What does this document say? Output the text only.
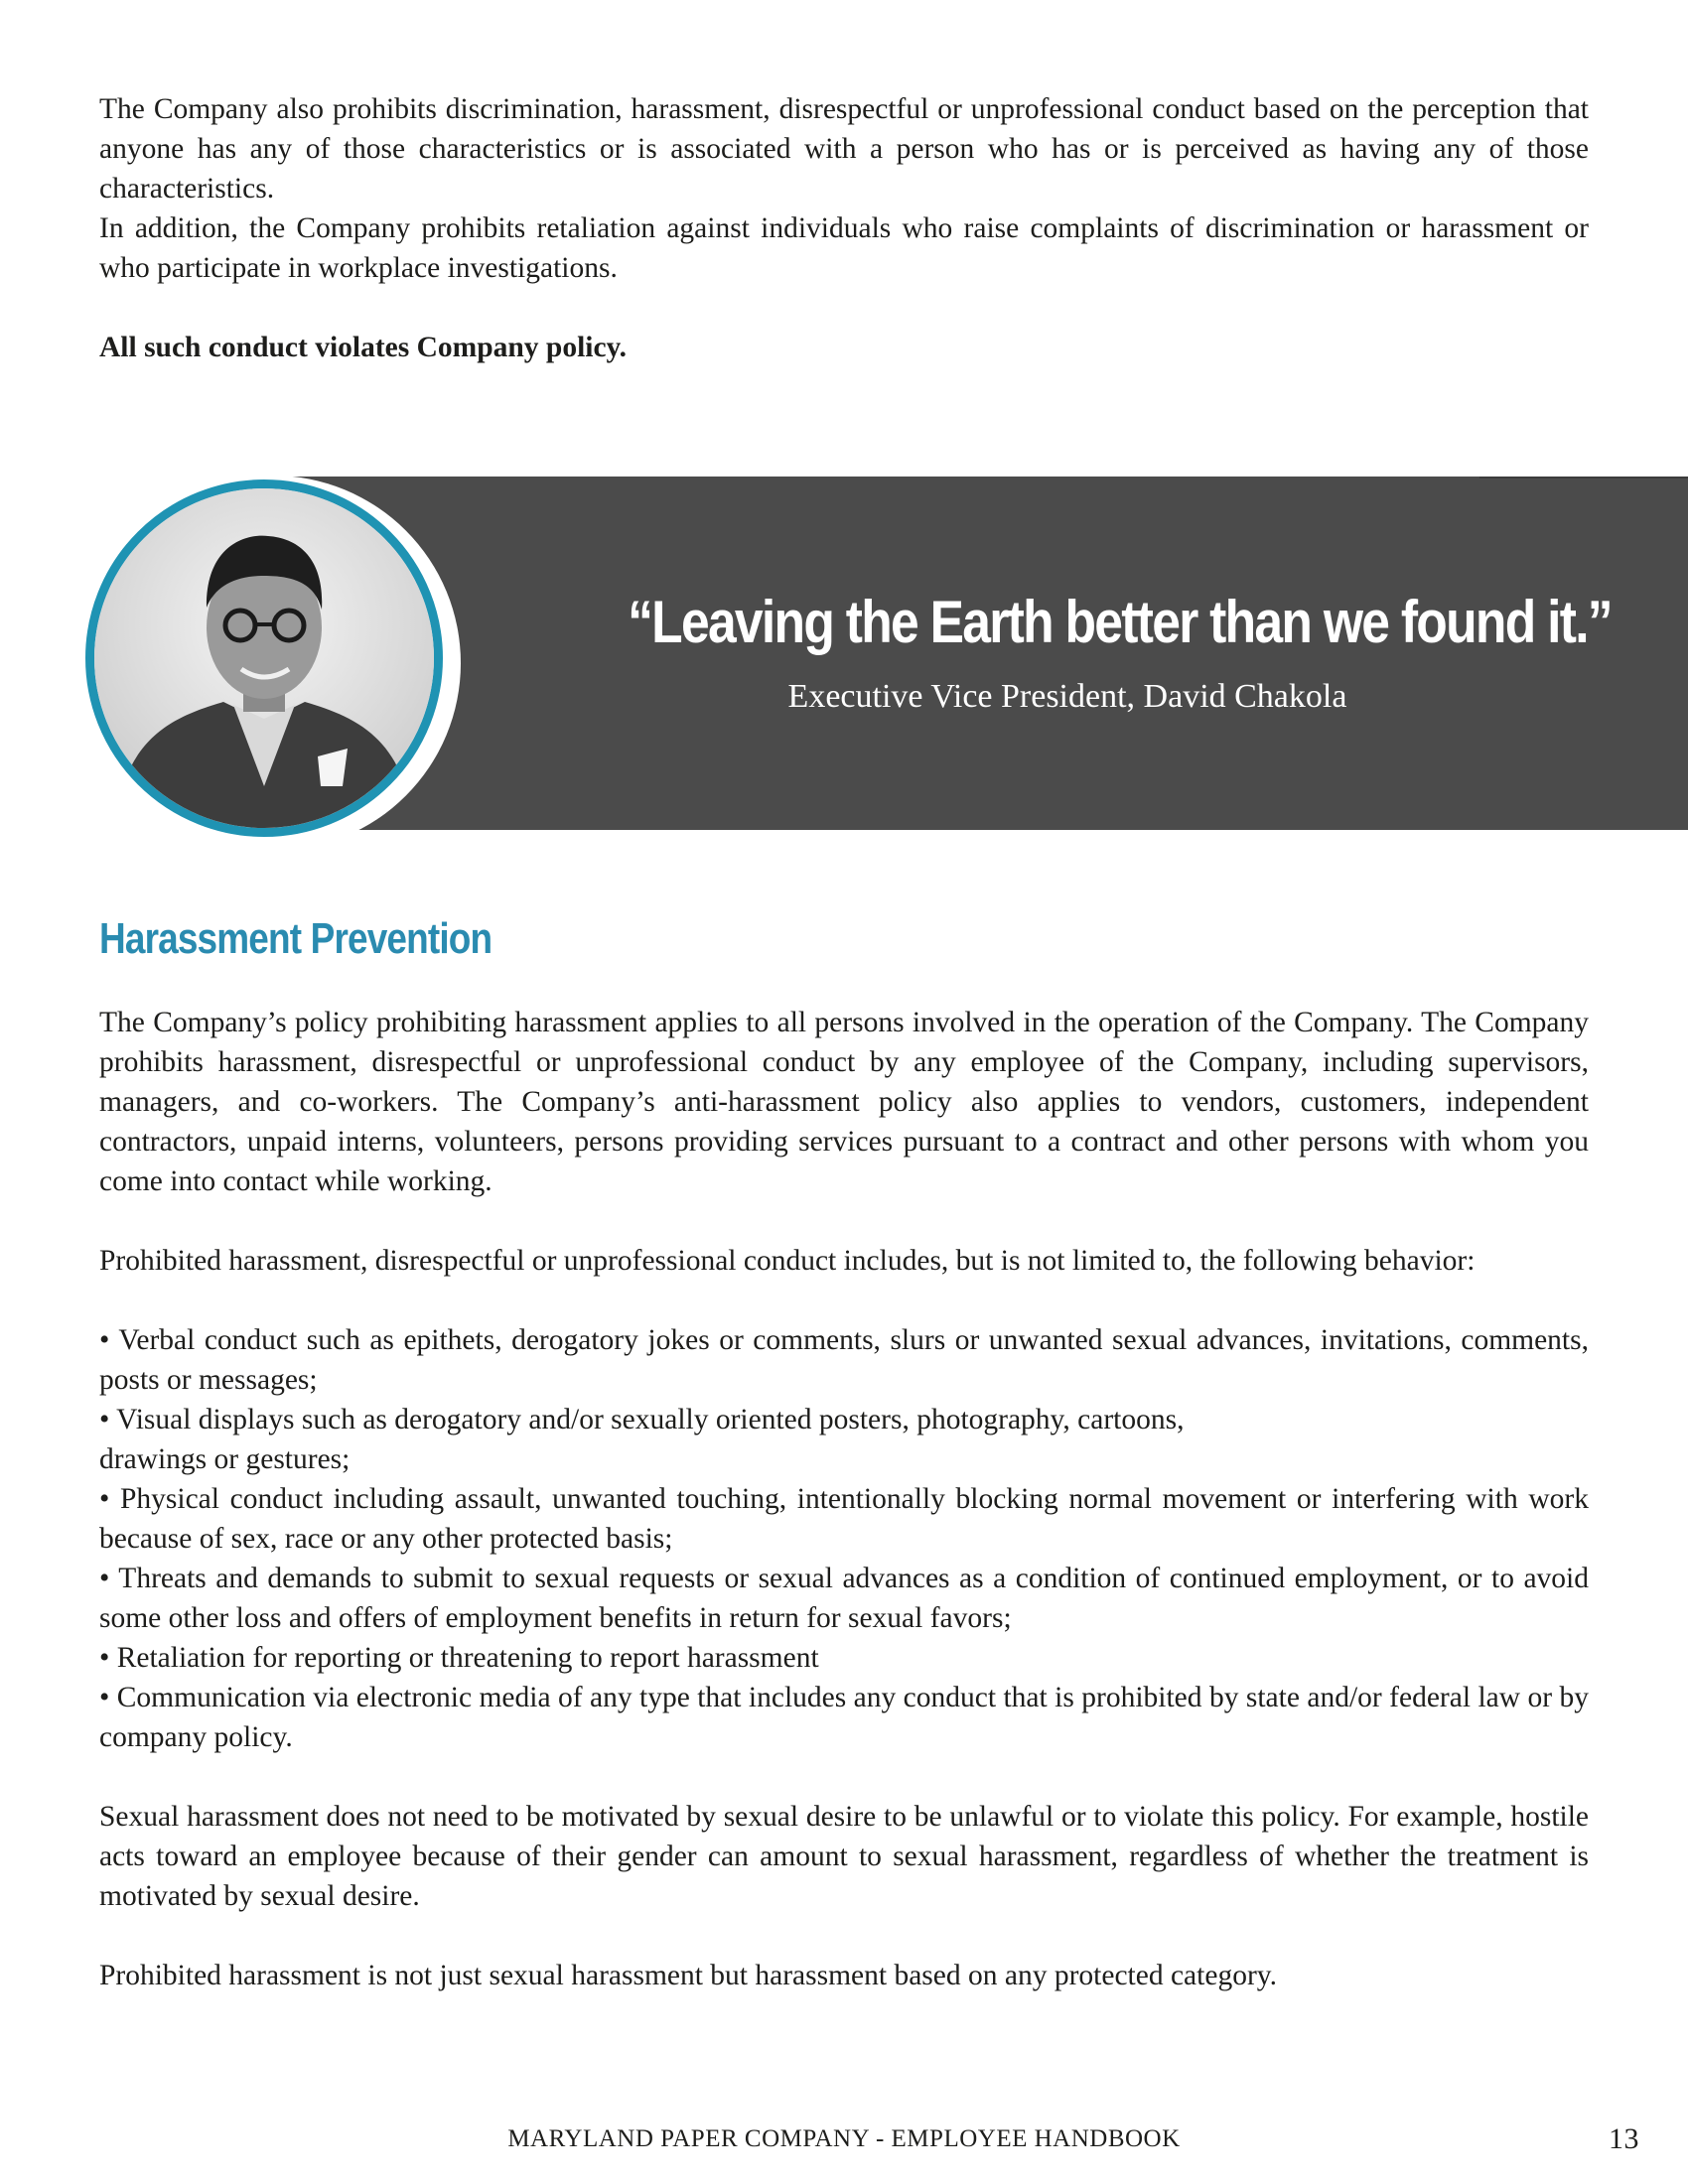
The Company also prohibits discrimination, harassment, disrespectful or unprofessional conduct based on the perception that anyone has any of those characteristics or is associated with a person who has or is perceived as having any of those characteristics.

In addition, the Company prohibits retaliation against individuals who raise complaints of discrimination or harassment or who participate in workplace investigations.

All such conduct violates Company policy.

“Leaving the Earth better than we found it.”
Executive Vice President, David Chakola
Harassment Prevention

The Company’s policy prohibiting harassment applies to all persons involved in the operation of the Company. The Company prohibits harassment, disrespectful or unprofessional conduct by any employee of the Company, including supervisors, managers, and co-workers. The Company’s anti-harassment policy also applies to vendors, customers, independent contractors, unpaid interns, volunteers, persons providing services pursuant to a contract and other persons with whom you come into contact while working.

Prohibited harassment, disrespectful or unprofessional conduct includes, but is not limited to, the following behavior:

• Verbal conduct such as epithets, derogatory jokes or comments, slurs or unwanted sexual advances, invitations, comments, posts or messages;

• Visual displays such as derogatory and/or sexually oriented posters, photography, cartoons,

drawings or gestures;

• Physical conduct including assault, unwanted touching, intentionally blocking normal movement or interfering with work because of sex, race or any other protected basis;

• Threats and demands to submit to sexual requests or sexual advances as a condition of continued employment, or to avoid some other loss and offers of employment benefits in return for sexual favors;

• Retaliation for reporting or threatening to report harassment

• Communication via electronic media of any type that includes any conduct that is prohibited by state and/or federal law or by company policy.

Sexual harassment does not need to be motivated by sexual desire to be unlawful or to violate this policy. For example, hostile acts toward an employee because of their gender can amount to sexual harassment, regardless of whether the treatment is motivated by sexual desire.

Prohibited harassment is not just sexual harassment but harassment based on any protected category.

MARYLAND PAPER COMPANY - EMPLOYEE HANDBOOK	13
